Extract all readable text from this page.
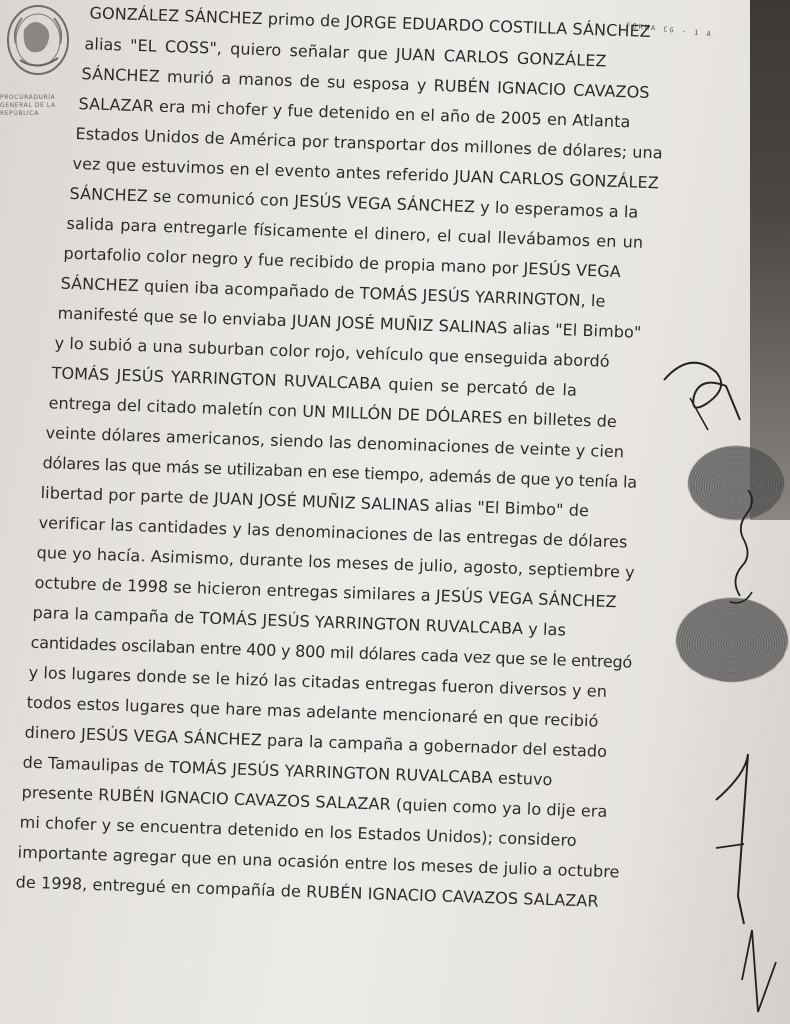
PROCURADURÍA GENERAL DE LA REPÚBLICA
FORMA CG - 1 A
GONZÁLEZ SÁNCHEZ primo de JORGE EDUARDO COSTILLA SÁNCHEZ
alias "EL COSS", quiero señalar que JUAN CARLOS GONZÁLEZ
SÁNCHEZ murió a manos de su esposa y RUBÉN IGNACIO CAVAZOS
SALAZAR era mi chofer y fue detenido en el año de 2005 en Atlanta
Estados Unidos de América por transportar dos millones de dólares; una
vez que estuvimos en el evento antes referido JUAN CARLOS GONZÁLEZ
SÁNCHEZ se comunicó con JESÚS VEGA SÁNCHEZ y lo esperamos a la
salida para entregarle físicamente el dinero, el cual llevábamos en un
portafolio color negro y fue recibido de propia mano por JESÚS VEGA
SÁNCHEZ quien iba acompañado de TOMÁS JESÚS YARRINGTON, le
manifesté que se lo enviaba JUAN JOSÉ MUÑIZ SALINAS alias "El Bimbo"
y lo subió a una suburban color rojo, vehículo que enseguida abordó
TOMÁS JESÚS YARRINGTON RUVALCABA quien se percató de la
entrega del citado maletín con UN MILLÓN DE DÓLARES en billetes de
veinte dólares americanos, siendo las denominaciones de veinte y cien
dólares las que más se utilizaban en ese tiempo, además de que yo tenía la
libertad por parte de JUAN JOSÉ MUÑIZ SALINAS alias "El Bimbo" de
verificar las cantidades y las denominaciones de las entregas de dólares
que yo hacía. Asimismo, durante los meses de julio, agosto, septiembre y
octubre de 1998 se hicieron entregas similares a JESÚS VEGA SÁNCHEZ
para la campaña de TOMÁS JESÚS YARRINGTON RUVALCABA y las
cantidades oscilaban entre 400 y 800 mil dólares cada vez que se le entregó
y los lugares donde se le hizó las citadas entregas fueron diversos y en
todos estos lugares que hare mas adelante mencionaré en que recibió
dinero JESÚS VEGA SÁNCHEZ para la campaña a gobernador del estado
de Tamaulipas de TOMÁS JESÚS YARRINGTON RUVALCABA estuvo
presente RUBÉN IGNACIO CAVAZOS SALAZAR (quien como ya lo dije era
mi chofer y se encuentra detenido en los Estados Unidos); considero
importante agregar que en una ocasión entre los meses de julio a octubre
de 1998, entregué en compañía de RUBÉN IGNACIO CAVAZOS SALAZAR
